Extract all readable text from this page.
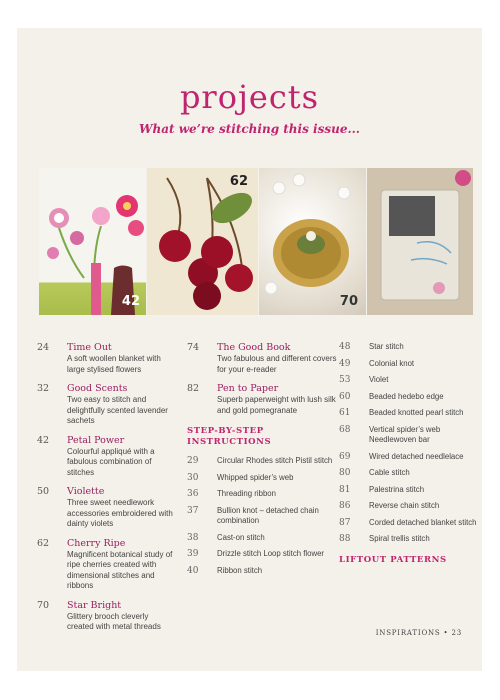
projects
What we’re stitching this issue...
42
62
70
24 Time Out
A soft woollen blanket with large stylised flowers
32 Good Scents
Two easy to stitch and delightfully scented lavender sachets
42 Petal Power
Colourful appliqué with a fabulous combination of stitches
50 Violette
Three sweet needlework accessories embroidered with dainty violets
62 Cherry Ripe
Magnificent botanical study of ripe cherries created with dimensional stitches and ribbons
70 Star Bright
Glittery brooch cleverly created with metal threads
74 The Good Book
Two fabulous and different covers for your e-reader
82 Pen to Paper
Superb paperweight with lush silk and gold pomegranate
STEP-BY-STEP INSTRUCTIONS
29 Circular Rhodes stitch Pistil stitch
30 Whipped spider’s web
36 Threading ribbon
37 Bullion knot – detached chain combination
38 Cast-on stitch
39 Drizzle stitch Loop stitch flower
40 Ribbon stitch
48 Star stitch
49 Colonial knot
53 Violet
60 Beaded hedebo edge
61 Beaded knotted pearl stitch
68 Vertical spider’s web Needlewoven bar
69 Wired detached needlelace
80 Cable stitch
81 Palestrina stitch
86 Reverse chain stitch
87 Corded detached blanket stitch
88 Spiral trellis stitch
LIFTOUT PATTERNS
INSPIRATIONS • 23
